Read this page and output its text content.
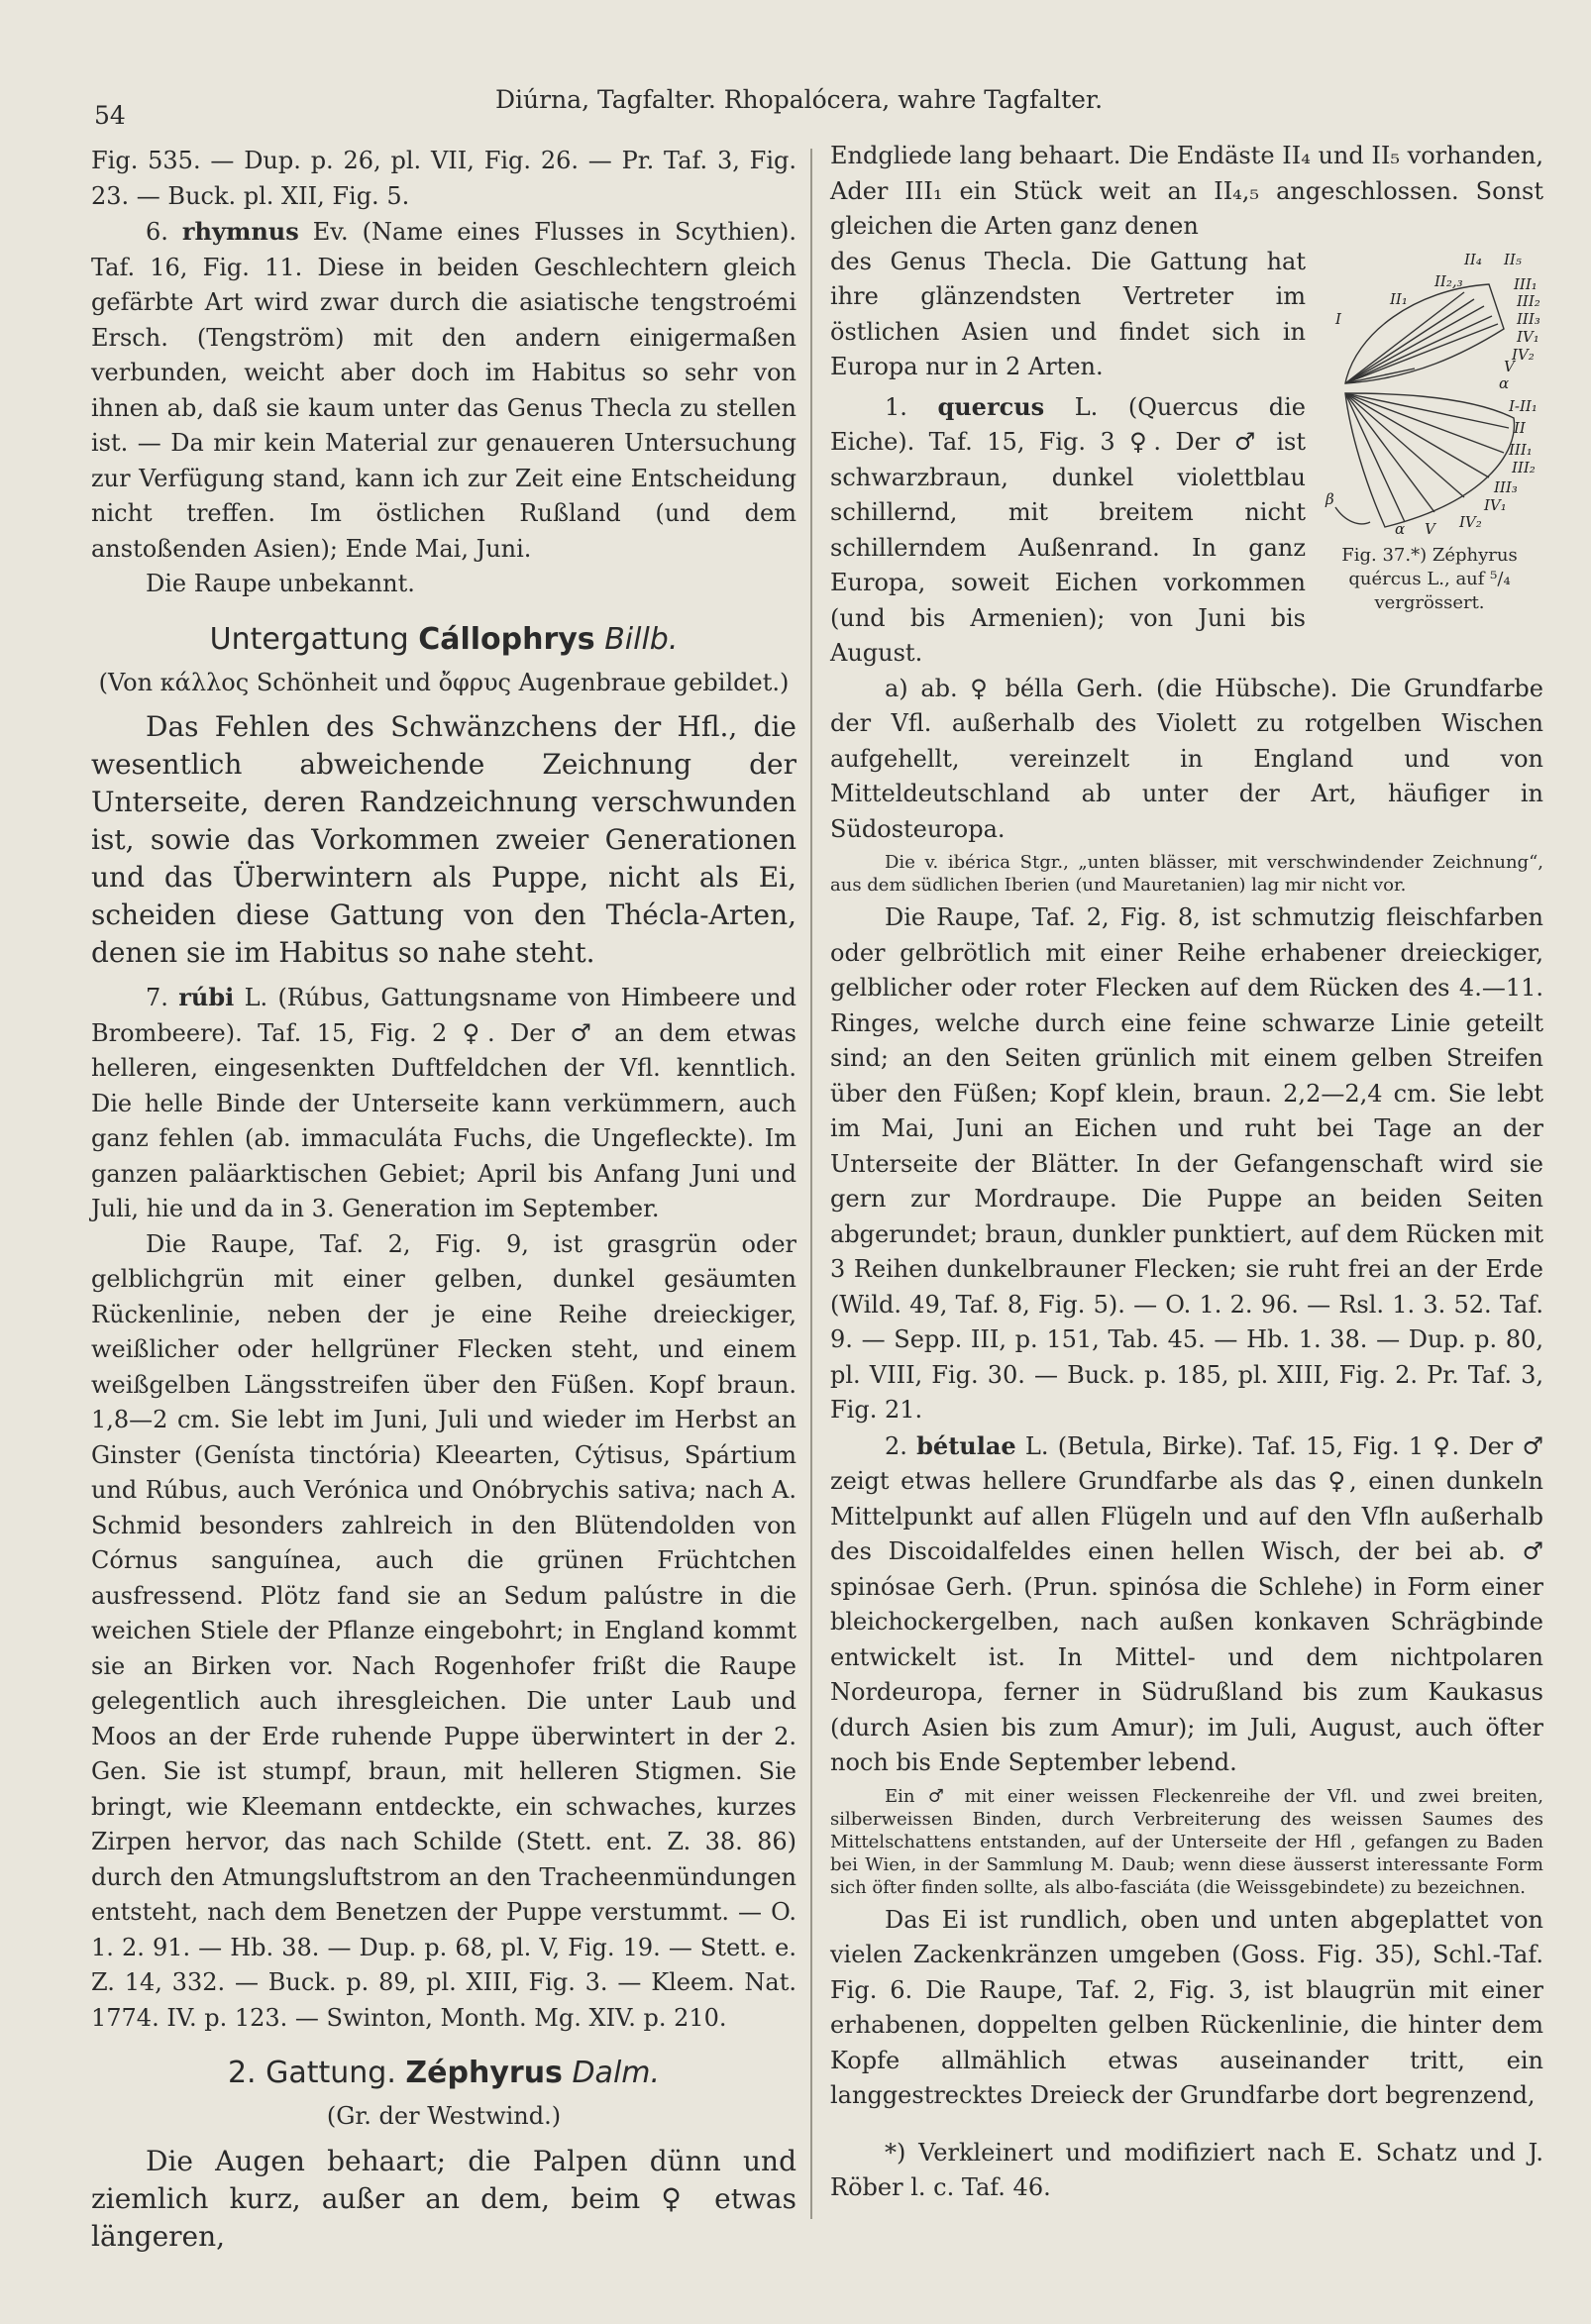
54
Diúrna, Tagfalter. Rhopalócera, wahre Tagfalter.

Fig. 535. — Dup. p. 26, pl. VII, Fig. 26. — Pr. Taf. 3, Fig. 23. — Buck. pl. XII, Fig. 5.

6. rhymnus Ev. (Name eines Flusses in Scythien). Taf. 16, Fig. 11. Diese in beiden Geschlechtern gleich gefärbte Art wird zwar durch die asiatische tengstroémi Ersch. (Tengström) mit den andern einigermaßen verbunden, weicht aber doch im Habitus so sehr von ihnen ab, daß sie kaum unter das Genus Thecla zu stellen ist. — Da mir kein Material zur genaueren Untersuchung zur Verfügung stand, kann ich zur Zeit eine Entscheidung nicht treffen. Im östlichen Rußland (und dem anstoßenden Asien); Ende Mai, Juni.

Die Raupe unbekannt.

Untergattung Cállophrys Billb.

(Von κάλλος Schönheit und ὄφρυς Augenbraue gebildet.)

Das Fehlen des Schwänzchens der Hfl., die wesentlich abweichende Zeichnung der Unterseite, deren Randzeichnung verschwunden ist, sowie das Vorkommen zweier Generationen und das Überwintern als Puppe, nicht als Ei, scheiden diese Gattung von den Thécla-Arten, denen sie im Habitus so nahe steht.

7. rúbi L. (Rúbus, Gattungsname von Himbeere und Brombeere). Taf. 15, Fig. 2 ♀. Der ♂ an dem etwas helleren, eingesenkten Duftfeldchen der Vfl. kenntlich. Die helle Binde der Unterseite kann verkümmern, auch ganz fehlen (ab. immaculáta Fuchs, die Ungefleckte). Im ganzen paläarktischen Gebiet; April bis Anfang Juni und Juli, hie und da in 3. Generation im September.

Die Raupe, Taf. 2, Fig. 9, ist grasgrün oder gelblichgrün mit einer gelben, dunkel gesäumten Rückenlinie, neben der je eine Reihe dreieckiger, weißlicher oder hellgrüner Flecken steht, und einem weißgelben Längsstreifen über den Füßen. Kopf braun. 1,8—2 cm. Sie lebt im Juni, Juli und wieder im Herbst an Ginster (Genísta tinctória) Kleearten, Cýtisus, Spártium und Rúbus, auch Verónica und Onóbrychis sativa; nach A. Schmid besonders zahlreich in den Blütendolden von Córnus sanguínea, auch die grünen Früchtchen ausfressend. Plötz fand sie an Sedum palústre in die weichen Stiele der Pflanze eingebohrt; in England kommt sie an Birken vor. Nach Rogenhofer frißt die Raupe gelegentlich auch ihresgleichen. Die unter Laub und Moos an der Erde ruhende Puppe überwintert in der 2. Gen. Sie ist stumpf, braun, mit helleren Stigmen. Sie bringt, wie Kleemann entdeckte, ein schwaches, kurzes Zirpen hervor, das nach Schilde (Stett. ent. Z. 38. 86) durch den Atmungsluftstrom an den Tracheenmündungen entsteht, nach dem Benetzen der Puppe verstummt. — O. 1. 2. 91. — Hb. 38. — Dup. p. 68, pl. V, Fig. 19. — Stett. e. Z. 14, 332. — Buck. p. 89, pl. XIII, Fig. 3. — Kleem. Nat. 1774. IV. p. 123. — Swinton, Month. Mg. XIV. p. 210.

2. Gattung. Zéphyrus Dalm.

(Gr. der Westwind.)

Die Augen behaart; die Palpen dünn und ziemlich kurz, außer an dem, beim ♀ etwas längeren,

Endgliede lang behaart. Die Endäste II₄ und II₅ vorhanden, Ader III₁ ein Stück weit an II₄,₅ angeschlossen. Sonst gleichen die Arten ganz denen

II₄ II₅
II₂,₃	III₁
III₂
III₃
IV₁
IV₂
V
I
II₁
α
I-II₁
II
III₁
III₂
III₃
IV₁
IV₂
V
α
β
Fig. 37.*) Zéphyrus quércus L., auf ⁵/₄ vergrössert.

des Genus Thecla. Die Gattung hat ihre glänzendsten Vertreter im östlichen Asien und findet sich in Europa nur in 2 Arten.

1. quercus L. (Quercus die Eiche). Taf. 15, Fig. 3 ♀. Der ♂ ist schwarzbraun, dunkel violettblau schillernd, mit breitem nicht schillerndem Außenrand. In ganz Europa, soweit Eichen vorkommen (und bis Armenien); von Juni bis August.

a) ab. ♀ bélla Gerh. (die Hübsche). Die Grundfarbe der Vfl. außerhalb des Violett zu rotgelben Wischen aufgehellt, vereinzelt in England und von Mitteldeutschland ab unter der Art, häufiger in Südosteuropa.

Die v. ibérica Stgr., „unten blässer, mit verschwindender Zeichnung“, aus dem südlichen Iberien (und Mauretanien) lag mir nicht vor.

Die Raupe, Taf. 2, Fig. 8, ist schmutzig fleischfarben oder gelbrötlich mit einer Reihe erhabener dreieckiger, gelblicher oder roter Flecken auf dem Rücken des 4.—11. Ringes, welche durch eine feine schwarze Linie geteilt sind; an den Seiten grünlich mit einem gelben Streifen über den Füßen; Kopf klein, braun. 2,2—2,4 cm. Sie lebt im Mai, Juni an Eichen und ruht bei Tage an der Unterseite der Blätter. In der Gefangenschaft wird sie gern zur Mordraupe. Die Puppe an beiden Seiten abgerundet; braun, dunkler punktiert, auf dem Rücken mit 3 Reihen dunkelbrauner Flecken; sie ruht frei an der Erde (Wild. 49, Taf. 8, Fig. 5). — O. 1. 2. 96. — Rsl. 1. 3. 52. Taf. 9. — Sepp. III, p. 151, Tab. 45. — Hb. 1. 38. — Dup. p. 80, pl. VIII, Fig. 30. — Buck. p. 185, pl. XIII, Fig. 2. Pr. Taf. 3, Fig. 21.

2. bétulae L. (Betula, Birke). Taf. 15, Fig. 1 ♀. Der ♂ zeigt etwas hellere Grundfarbe als das ♀, einen dunkeln Mittelpunkt auf allen Flügeln und auf den Vfln außerhalb des Discoidalfeldes einen hellen Wisch, der bei ab. ♂ spinósae Gerh. (Prun. spinósa die Schlehe) in Form einer bleichockergelben, nach außen konkaven Schrägbinde entwickelt ist. In Mittel- und dem nichtpolaren Nordeuropa, ferner in Südrußland bis zum Kaukasus (durch Asien bis zum Amur); im Juli, August, auch öfter noch bis Ende September lebend.

Ein ♂ mit einer weissen Fleckenreihe der Vfl. und zwei breiten, silberweissen Binden, durch Verbreiterung des weissen Saumes des Mittelschattens entstanden, auf der Unterseite der Hfl , gefangen zu Baden bei Wien, in der Sammlung M. Daub; wenn diese äusserst interessante Form sich öfter finden sollte, als albo-fasciáta (die Weissgebindete) zu bezeichnen.

Das Ei ist rundlich, oben und unten abgeplattet von vielen Zackenkränzen umgeben (Goss. Fig. 35), Schl.-Taf. Fig. 6. Die Raupe, Taf. 2, Fig. 3, ist blaugrün mit einer erhabenen, doppelten gelben Rückenlinie, die hinter dem Kopfe allmählich etwas auseinander tritt, ein langgestrecktes Dreieck der Grundfarbe dort begrenzend,

*) Verkleinert und modifiziert nach E. Schatz und J. Röber l. c. Taf. 46.
